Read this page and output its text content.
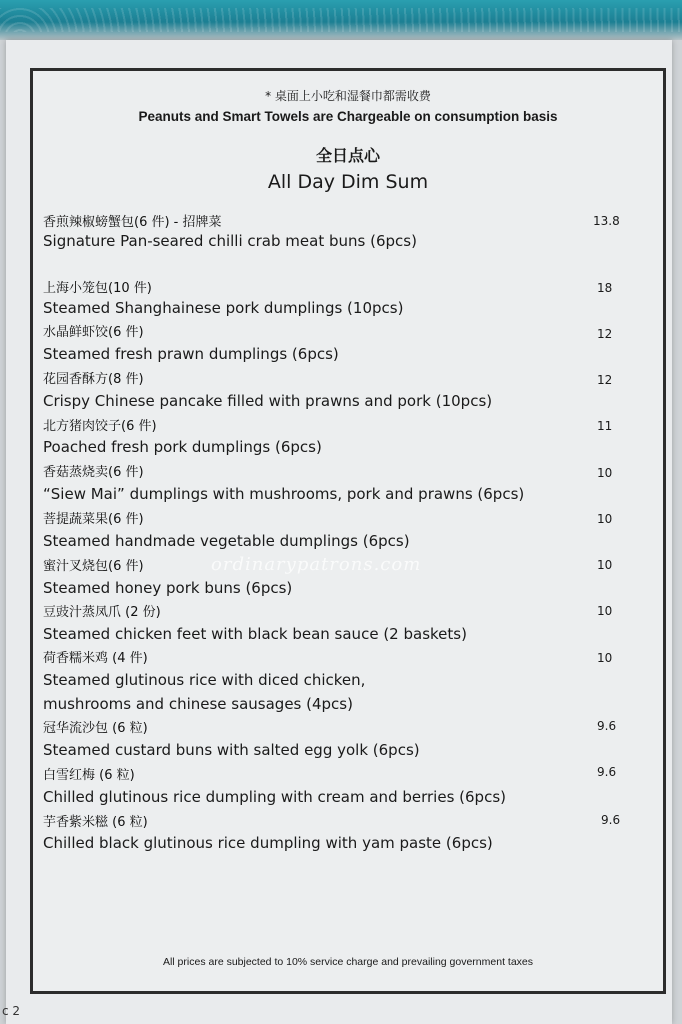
* 桌面上小吃和湿餐巾都需收费
Peanuts and Smart Towels are Chargeable on consumption basis
全日点心
All Day Dim Sum
香煎辣椒螃蟹包(6 件) - 招牌菜	13.8
Signature Pan-seared chilli crab meat buns (6pcs)
上海小笼包(10 件)	18
Steamed Shanghainese pork dumplings (10pcs)
水晶鲜虾饺(6 件)	12
Steamed fresh prawn dumplings (6pcs)
花园香酥方(8 件)	12
Crispy Chinese pancake filled with prawns and pork (10pcs)
北方猪肉饺子(6 件)	11
Poached fresh pork dumplings (6pcs)
香菇蒸烧卖(6 件)	10
“Siew Mai” dumplings with mushrooms, pork and prawns (6pcs)
菩提蔬菜果(6 件)	10
Steamed handmade vegetable dumplings (6pcs)
蜜汁叉烧包(6 件)	10
Steamed honey pork buns (6pcs)
豆豉汁蒸凤爪 (2 份)	10
Steamed chicken feet with black bean sauce (2 baskets)
荷香糯米鸡 (4 件)	10
Steamed glutinous rice with diced chicken,
mushrooms and chinese sausages (4pcs)
冠华流沙包 (6 粒)	9.6
Steamed custard buns with salted egg yolk (6pcs)
白雪红梅 (6 粒)	9.6
Chilled glutinous rice dumpling with cream and berries (6pcs)
芋香紫米糍 (6 粒)	9.6
Chilled black glutinous rice dumpling with yam paste (6pcs)
ordinarypatrons.com
All prices are subjected to 10% service charge and prevailing government taxes
c 2
